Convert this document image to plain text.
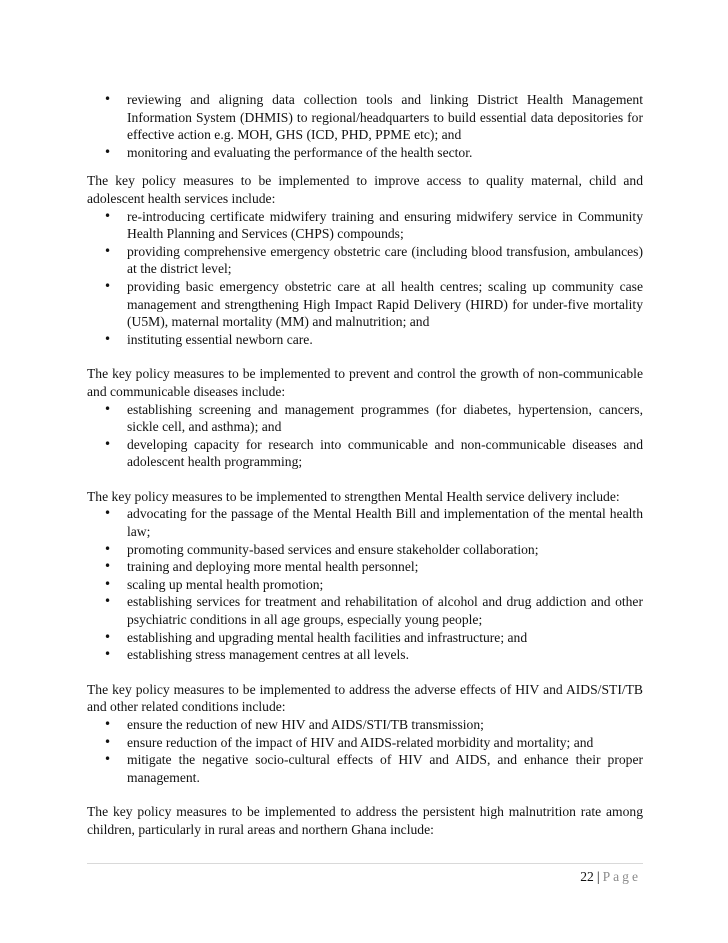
•	reviewing and aligning data collection tools and linking District Health Management Information System (DHMIS) to regional/headquarters to build essential data depositories for effective action e.g. MOH, GHS (ICD, PHD, PPME etc); and
•	monitoring and evaluating the performance of the health sector.

The key policy measures to be implemented to improve access to quality maternal, child and adolescent health services include:

•	re-introducing certificate midwifery training and ensuring midwifery service in Community Health Planning and Services (CHPS) compounds;
•	providing comprehensive emergency obstetric care (including blood transfusion, ambulances) at the district level;
•	providing basic emergency obstetric care at all health centres; scaling up community case management and strengthening High Impact Rapid Delivery (HIRD) for under-five mortality (U5M), maternal mortality (MM) and malnutrition; and
•	instituting essential newborn care.

The key policy measures to be implemented to prevent and control the growth of non-communicable and communicable diseases include:

•	establishing screening and management programmes (for diabetes, hypertension, cancers, sickle cell, and asthma); and
•	developing capacity for research into communicable and non-communicable diseases and adolescent health programming;

The key policy measures to be implemented to strengthen Mental Health service delivery include:

•	advocating for the passage of the Mental Health Bill and implementation of the mental health law;
•	promoting community-based services and ensure stakeholder collaboration;
•	training and deploying more mental health personnel;
•	scaling up mental health promotion;
•	establishing services for treatment and rehabilitation of alcohol and drug addiction and other psychiatric conditions in all age groups, especially young people;
•	establishing and upgrading mental health facilities and infrastructure; and
•	establishing stress management centres at all levels.

The key policy measures to be implemented to address the adverse effects of HIV and AIDS/STI/TB and other related conditions include:

•	ensure the reduction of new HIV and AIDS/STI/TB transmission;
•	ensure reduction of the impact of HIV and AIDS-related morbidity and mortality; and
•	mitigate the negative socio-cultural effects of HIV and AIDS, and enhance their proper management.

The key policy measures to be implemented to address the persistent high malnutrition rate among children, particularly in rural areas and northern Ghana include:

22 | Page
